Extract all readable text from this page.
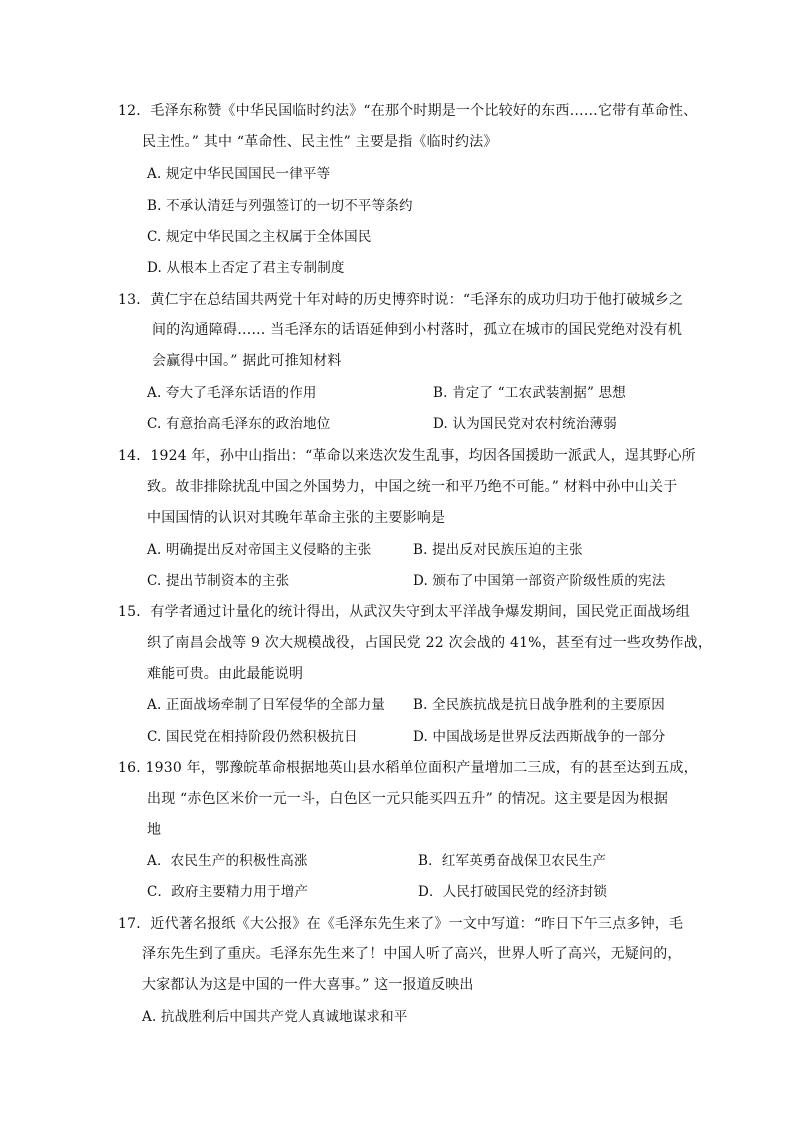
12．毛泽东称赞《中华民国临时约法》“在那个时期是一个比较好的东西……它带有革命性、
民主性。” 其中 “革命性、民主性” 主要是指《临时约法》
A. 规定中华民国国民一律平等
B. 不承认清廷与列强签订的一切不平等条约
C. 规定中华民国之主权属于全体国民
D. 从根本上否定了君主专制制度
13．黄仁宇在总结国共两党十年对峙的历史博弈时说：“毛泽东的成功归功于他打破城乡之
间的沟通障碍…… 当毛泽东的话语延伸到小村落时，孤立在城市的国民党绝对没有机
会赢得中国。” 据此可推知材料
A. 夸大了毛泽东话语的作用	B. 肯定了 “工农武装割据” 思想
C. 有意抬高毛泽东的政治地位	D. 认为国民党对农村统治薄弱
14．1924 年，孙中山指出：“革命以来迭次发生乱事，均因各国援助一派武人，逞其野心所
致。故非排除扰乱中国之外国势力，中国之统一和平乃绝不可能。” 材料中孙中山关于
中国国情的认识对其晚年革命主张的主要影响是
A. 明确提出反对帝国主义侵略的主张	B. 提出反对民族压迫的主张
C. 提出节制资本的主张	D. 颁布了中国第一部资产阶级性质的宪法
15．有学者通过计量化的统计得出，从武汉失守到太平洋战争爆发期间，国民党正面战场组
织了南昌会战等 9 次大规模战役，占国民党 22 次会战的 41%，甚至有过一些攻势作战，
难能可贵。由此最能说明
A. 正面战场牵制了日军侵华的全部力量 B. 全民族抗战是抗日战争胜利的主要原因
C. 国民党在相持阶段仍然积极抗日	D. 中国战场是世界反法西斯战争的一部分
16. 1930 年，鄂豫皖革命根据地英山县水稻单位面积产量增加二三成，有的甚至达到五成，
出现 “赤色区米价一元一斗，白色区一元只能买四五升” 的情况。这主要是因为根据
地
A．农民生产的积极性高涨	B．红军英勇奋战保卫农民生产
C．政府主要精力用于增产	D．人民打破国民党的经济封锁
17．近代著名报纸《大公报》在《毛泽东先生来了》一文中写道：“昨日下午三点多钟，毛
泽东先生到了重庆。毛泽东先生来了！中国人听了高兴，世界人听了高兴，无疑问的，
大家都认为这是中国的一件大喜事。” 这一报道反映出
A. 抗战胜利后中国共产党人真诚地谋求和平
